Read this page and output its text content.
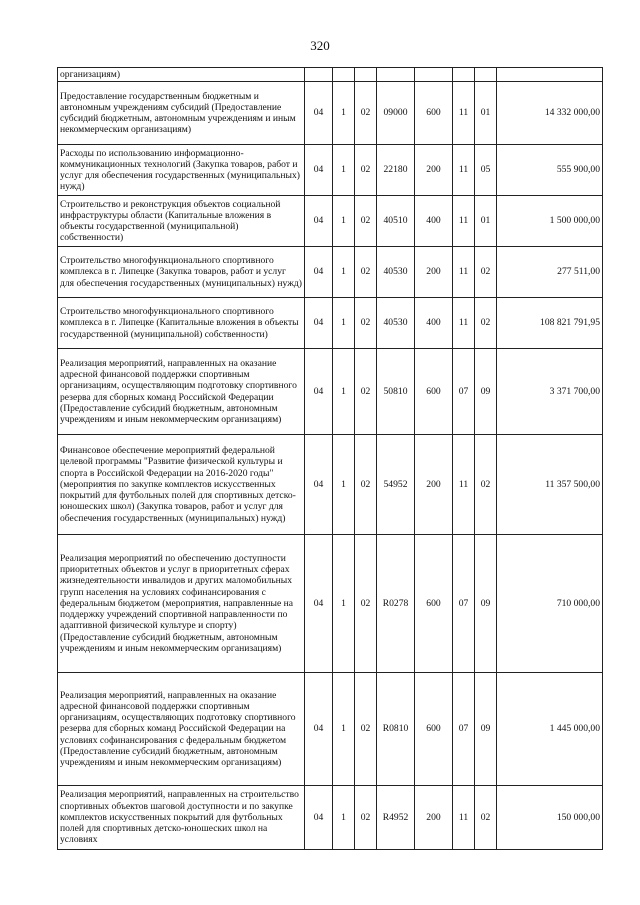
320
организациям)								
Предоставление государственным бюджетным и автономным учреждениям субсидий (Предоставление субсидий бюджетным, автономным учреждениям и иным некоммерческим организациям)	04	1	02	09000	600	11	01	14 332 000,00
Расходы по использованию информационно-коммуникационных технологий (Закупка товаров, работ и услуг для обеспечения государственных (муниципальных) нужд)	04	1	02	22180	200	11	05	555 900,00
Строительство и реконструкция объектов социальной инфраструктуры области (Капитальные вложения в объекты государственной (муниципальной) собственности)	04	1	02	40510	400	11	01	1 500 000,00
Строительство многофункционального спортивного комплекса в г. Липецке (Закупка товаров, работ и услуг для обеспечения государственных (муниципальных) нужд)	04	1	02	40530	200	11	02	277 511,00
Строительство многофункционального спортивного комплекса в г. Липецке (Капитальные вложения в объекты государственной (муниципальной) собственности)	04	1	02	40530	400	11	02	108 821 791,95
Реализация мероприятий, направленных на оказание адресной финансовой поддержки спортивным организациям, осуществляющим подготовку спортивного резерва для сборных команд Российской Федерации (Предоставление субсидий бюджетным, автономным учреждениям и иным некоммерческим организациям)	04	1	02	50810	600	07	09	3 371 700,00
Финансовое обеспечение мероприятий федеральной целевой программы "Развитие физической культуры и спорта в Российской Федерации на 2016-2020 годы" (мероприятия по закупке комплектов искусственных покрытий для футбольных полей для спортивных детско-юношеских школ) (Закупка товаров, работ и услуг для обеспечения государственных (муниципальных) нужд)	04	1	02	54952	200	11	02	11 357 500,00
Реализация мероприятий по обеспечению доступности приоритетных объектов и услуг в приоритетных сферах жизнедеятельности инвалидов и других маломобильных групп населения на условиях софинансирования с федеральным бюджетом (мероприятия, направленные на поддержку учреждений спортивной направленности по адаптивной физической культуре и спорту) (Предоставление субсидий бюджетным, автономным учреждениям и иным некоммерческим организациям)	04	1	02	R0278	600	07	09	710 000,00
Реализация мероприятий, направленных на оказание адресной финансовой поддержки спортивным организациям, осуществляющих подготовку спортивного резерва для сборных команд Российской Федерации на условиях софинансирования с федеральным бюджетом (Предоставление субсидий бюджетным, автономным учреждениям и иным некоммерческим организациям)	04	1	02	R0810	600	07	09	1 445 000,00
Реализация мероприятий, направленных на строительство спортивных объектов шаговой доступности и по закупке комплектов искусственных покрытий для футбольных полей для спортивных детско-юношеских школ на условиях	04	1	02	R4952	200	11	02	150 000,00
